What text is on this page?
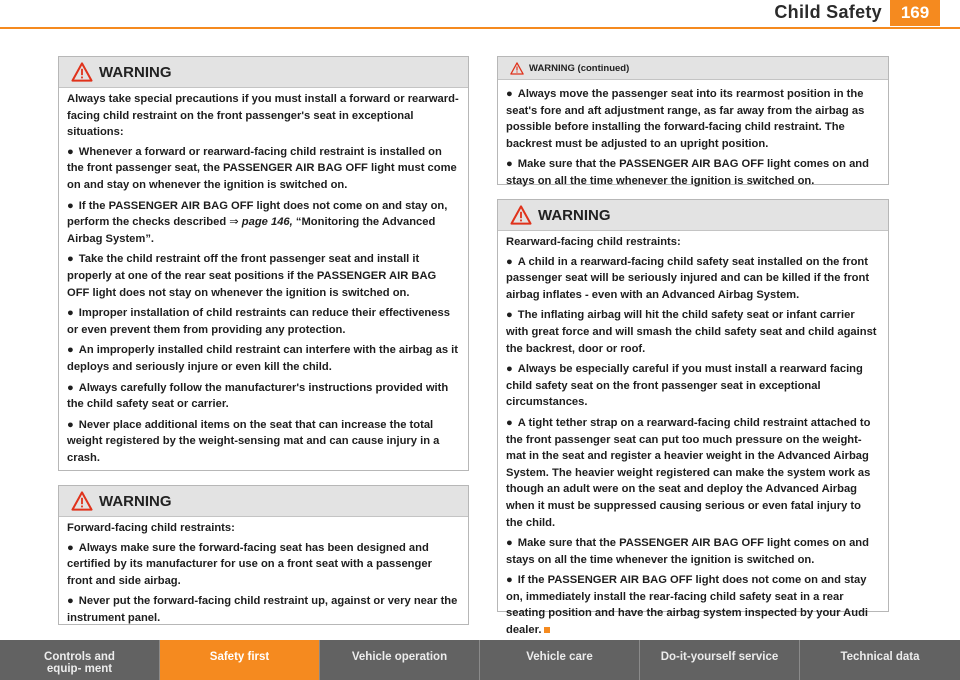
Child Safety	169
WARNING

Always take special precautions if you must install a forward or rearward-facing child restraint on the front passenger's seat in exceptional situations:

● Whenever a forward or rearward-facing child restraint is installed on the front passenger seat, the PASSENGER AIR BAG OFF light must come on and stay on whenever the ignition is switched on.

● If the PASSENGER AIR BAG OFF light does not come on and stay on, perform the checks described ⇒ page 146, “Monitoring the Advanced Airbag System”.

● Take the child restraint off the front passenger seat and install it properly at one of the rear seat positions if the PASSENGER AIR BAG OFF light does not stay on whenever the ignition is switched on.

● Improper installation of child restraints can reduce their effectiveness or even prevent them from providing any protection.

● An improperly installed child restraint can interfere with the airbag as it deploys and seriously injure or even kill the child.

● Always carefully follow the manufacturer's instructions provided with the child safety seat or carrier.

● Never place additional items on the seat that can increase the total weight registered by the weight-sensing mat and can cause injury in a crash.

WARNING

Forward-facing child restraints:

● Always make sure the forward-facing seat has been designed and certified by its manufacturer for use on a front seat with a passenger front and side airbag.

● Never put the forward-facing child restraint up, against or very near the instrument panel.

WARNING (continued)

● Always move the passenger seat into its rearmost position in the seat's fore and aft adjustment range, as far away from the airbag as possible before installing the forward-facing child restraint. The backrest must be adjusted to an upright position.

● Make sure that the PASSENGER AIR BAG OFF light comes on and stays on all the time whenever the ignition is switched on.

WARNING

Rearward-facing child restraints:

● A child in a rearward-facing child safety seat installed on the front passenger seat will be seriously injured and can be killed if the front airbag inflates - even with an Advanced Airbag System.

● The inflating airbag will hit the child safety seat or infant carrier with great force and will smash the child safety seat and child against the backrest, door or roof.

● Always be especially careful if you must install a rearward facing child safety seat on the front passenger seat in exceptional circumstances.

● A tight tether strap on a rearward-facing child restraint attached to the front passenger seat can put too much pressure on the weight-mat in the seat and register a heavier weight in the Advanced Airbag System. The heavier weight registered can make the system work as though an adult were on the seat and deploy the Advanced Airbag when it must be suppressed causing serious or even fatal injury to the child.

● Make sure that the PASSENGER AIR BAG OFF light comes on and stays on all the time whenever the ignition is switched on.

● If the PASSENGER AIR BAG OFF light does not come on and stay on, immediately install the rear-facing child safety seat in a rear seating position and have the airbag system inspected by your Audi dealer.

Controls and equip- ment
Safety first	Vehicle operation	Vehicle care	Do-it-yourself service	Technical data
